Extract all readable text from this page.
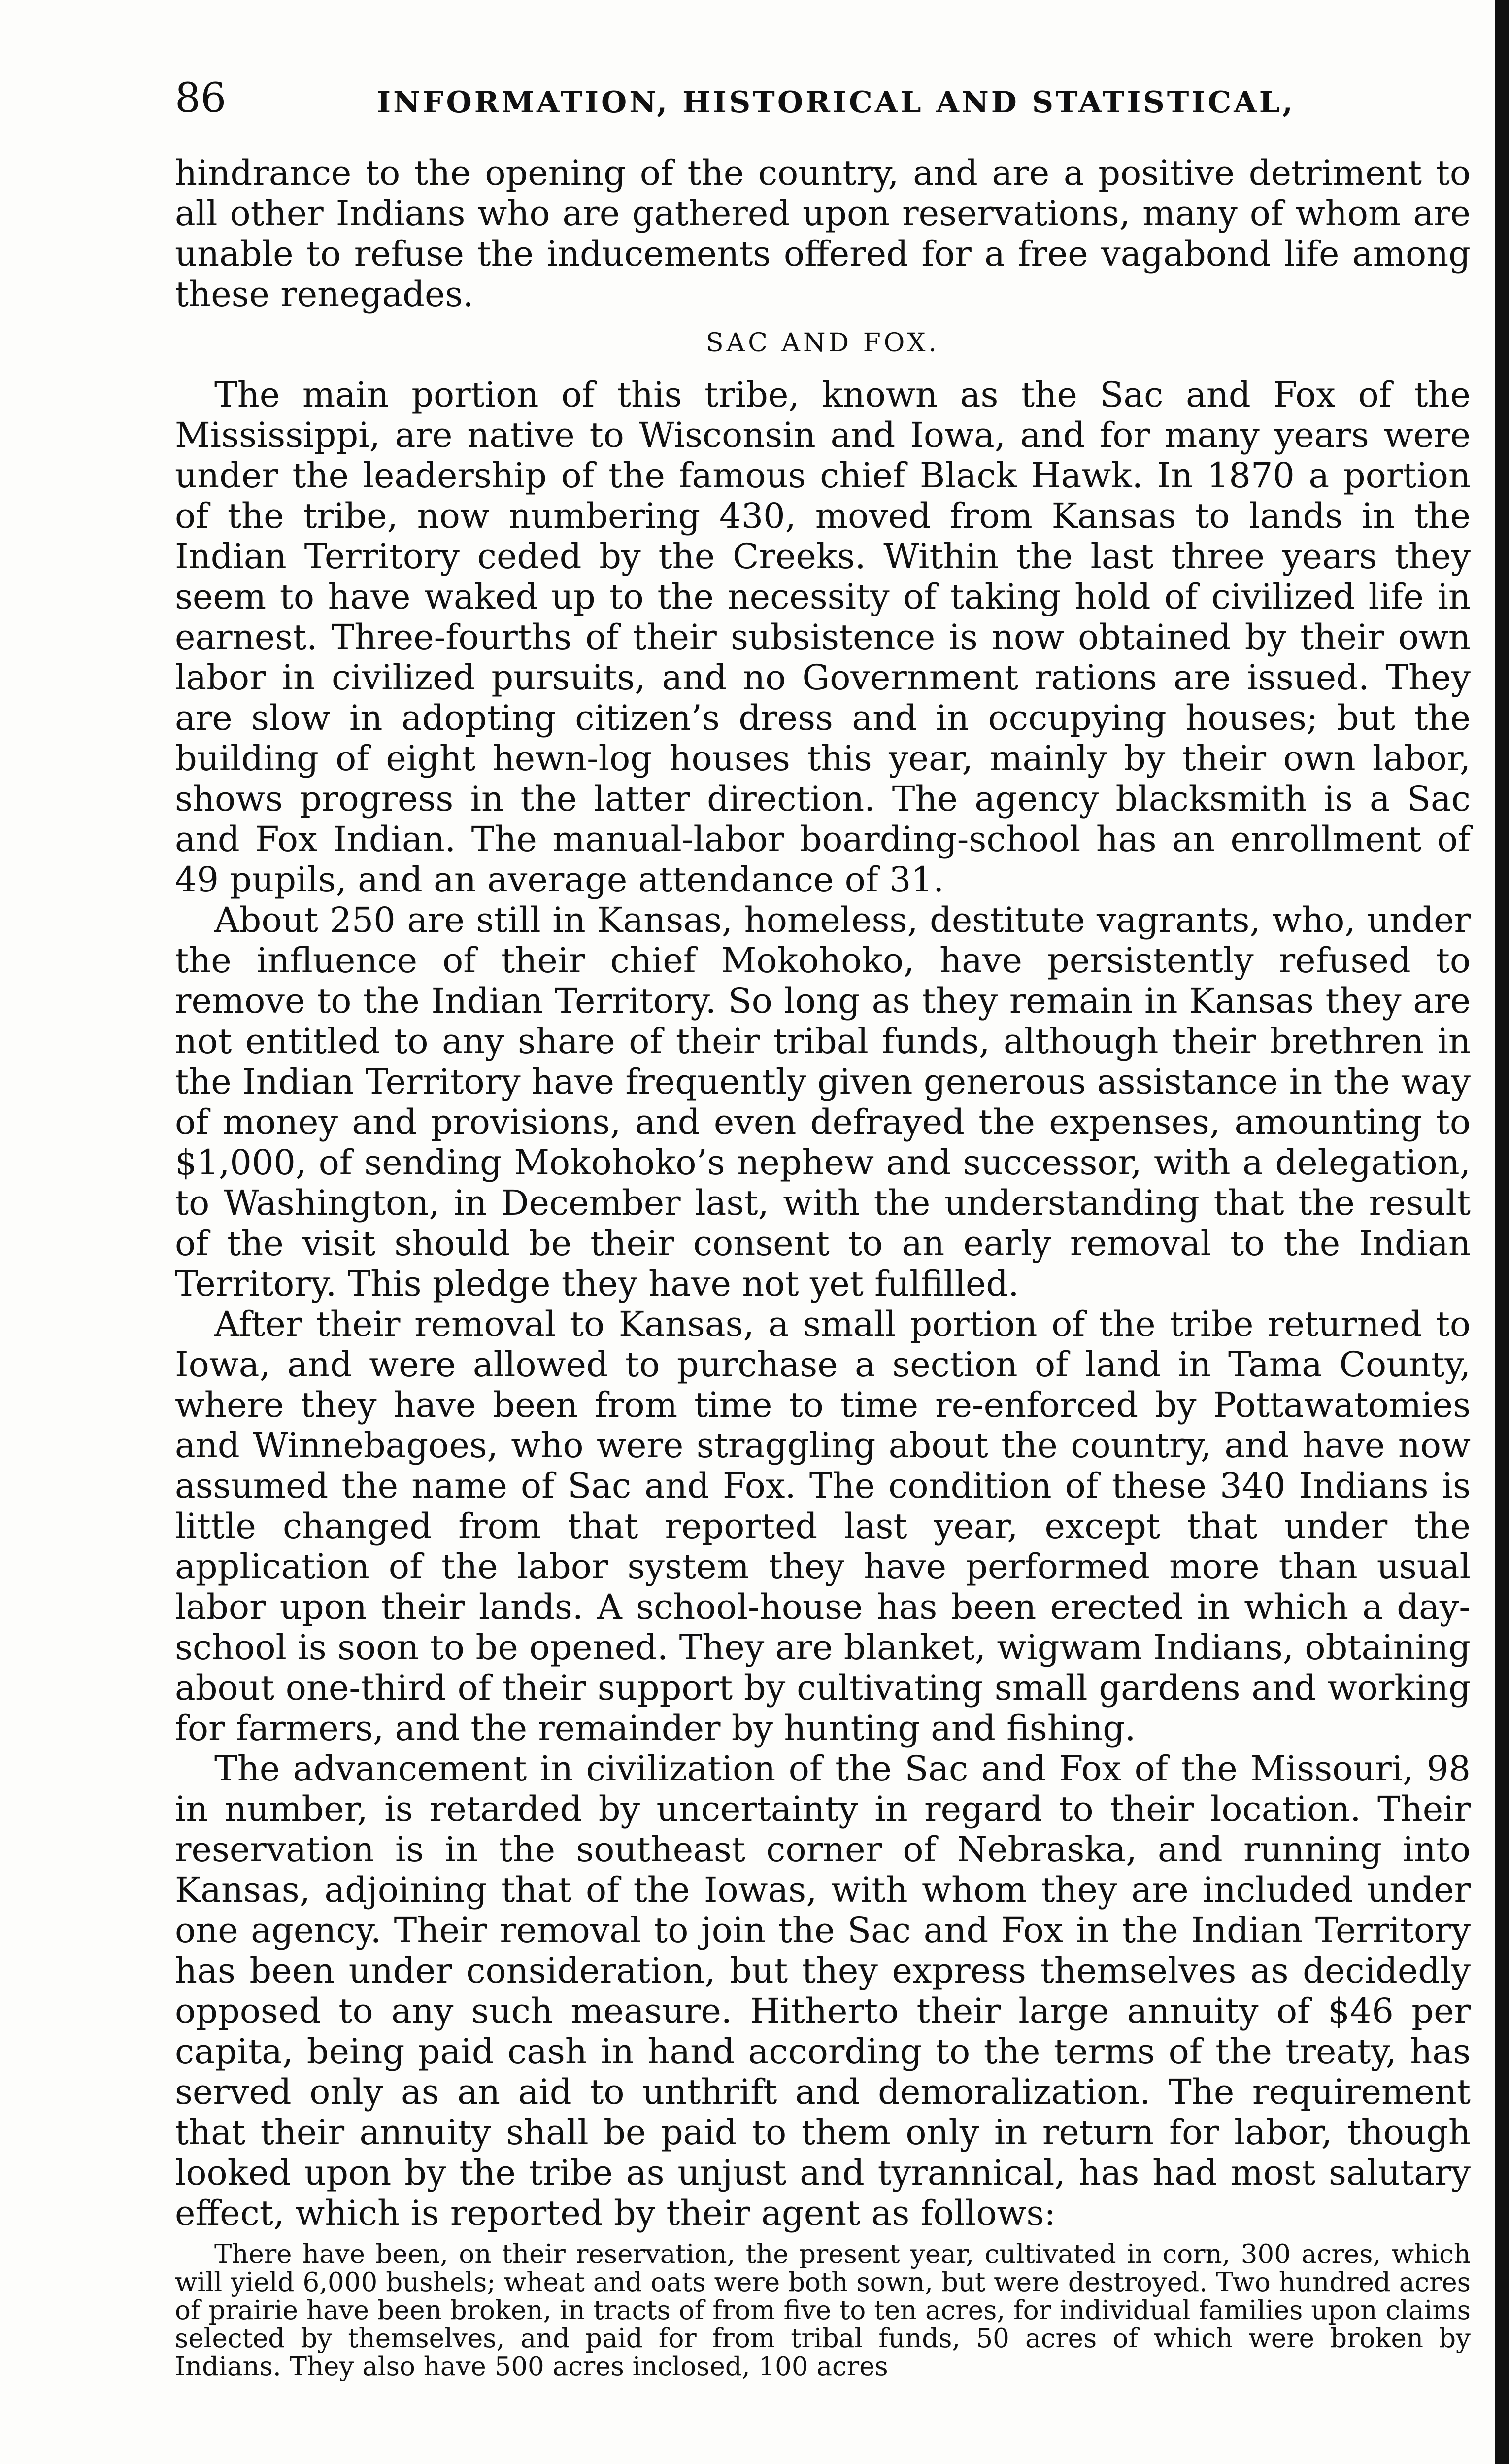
86	INFORMATION, HISTORICAL AND STATISTICAL,

hindrance to the opening of the country, and are a positive detriment to all other Indians who are gathered upon reservations, many of whom are unable to refuse the inducements offered for a free vagabond life among these renegades.

SAC AND FOX.

The main portion of this tribe, known as the Sac and Fox of the Mississippi, are native to Wisconsin and Iowa, and for many years were under the leadership of the famous chief Black Hawk. In 1870 a portion of the tribe, now numbering 430, moved from Kansas to lands in the Indian Territory ceded by the Creeks. Within the last three years they seem to have waked up to the necessity of taking hold of civilized life in earnest. Three-fourths of their subsistence is now obtained by their own labor in civilized pursuits, and no Government rations are issued. They are slow in adopting citizen’s dress and in occupying houses; but the building of eight hewn-log houses this year, mainly by their own labor, shows progress in the latter direction. The agency blacksmith is a Sac and Fox Indian. The manual-labor boarding-school has an enrollment of 49 pupils, and an average attendance of 31.

About 250 are still in Kansas, homeless, destitute vagrants, who, under the influence of their chief Mokohoko, have persistently refused to remove to the Indian Territory. So long as they remain in Kansas they are not entitled to any share of their tribal funds, although their brethren in the Indian Territory have frequently given generous assistance in the way of money and provisions, and even defrayed the expenses, amounting to $1,000, of sending Mokohoko’s nephew and successor, with a delegation, to Washington, in December last, with the understanding that the result of the visit should be their consent to an early removal to the Indian Territory. This pledge they have not yet fulfilled.

After their removal to Kansas, a small portion of the tribe returned to Iowa, and were allowed to purchase a section of land in Tama County, where they have been from time to time re-enforced by Pottawatomies and Winnebagoes, who were straggling about the country, and have now assumed the name of Sac and Fox. The condition of these 340 Indians is little changed from that reported last year, except that under the application of the labor system they have performed more than usual labor upon their lands. A school-house has been erected in which a day-school is soon to be opened. They are blanket, wigwam Indians, obtaining about one-third of their support by cultivating small gardens and working for farmers, and the remainder by hunting and fishing.

The advancement in civilization of the Sac and Fox of the Missouri, 98 in number, is retarded by uncertainty in regard to their location. Their reservation is in the southeast corner of Nebraska, and running into Kansas, adjoining that of the Iowas, with whom they are included under one agency. Their removal to join the Sac and Fox in the Indian Territory has been under consideration, but they express themselves as decidedly opposed to any such measure. Hitherto their large annuity of $46 per capita, being paid cash in hand according to the terms of the treaty, has served only as an aid to unthrift and demoralization. The requirement that their annuity shall be paid to them only in return for labor, though looked upon by the tribe as unjust and tyrannical, has had most salutary effect, which is reported by their agent as follows:

There have been, on their reservation, the present year, cultivated in corn, 300 acres, which will yield 6,000 bushels; wheat and oats were both sown, but were destroyed. Two hundred acres of prairie have been broken, in tracts of from five to ten acres, for individual families upon claims selected by themselves, and paid for from tribal funds, 50 acres of which were broken by Indians. They also have 500 acres inclosed, 100 acres
